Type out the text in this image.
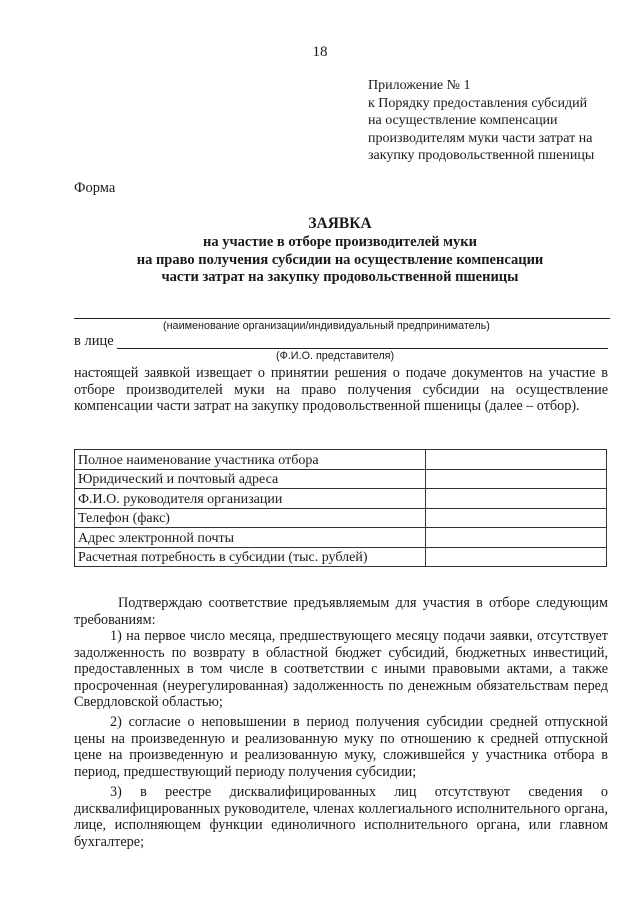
18
Приложение № 1
к Порядку предоставления субсидий
на осуществление компенсации
производителям муки части затрат на
закупку продовольственной пшеницы
Форма
ЗАЯВКА
на участие в отборе производителей муки
на право получения субсидии на осуществление компенсации
части затрат на закупку продовольственной пшеницы
(наименование организации/индивидуальный предприниматель)
в лице
(Ф.И.О. представителя)
настоящей заявкой извещает о принятии решения о подаче документов на участие в отборе производителей муки на право получения субсидии на осуществление компенсации части затрат на закупку продовольственной пшеницы (далее – отбор).
Полное наименование участника отбора	
Юридический и почтовый адреса	
Ф.И.О. руководителя организации	
Телефон (факс)	
Адрес электронной почты	
Расчетная потребность в субсидии (тыс. рублей)	
Подтверждаю соответствие предъявляемым для участия в отборе следующим требованиям:
1) на первое число месяца, предшествующего месяцу подачи заявки, отсутствует задолженность по возврату в областной бюджет субсидий, бюджетных инвестиций, предоставленных в том числе в соответствии с иными правовыми актами, а также просроченная (неурегулированная) задолженность по денежным обязательствам перед Свердловской областью;
2) согласие о неповышении в период получения субсидии средней отпускной цены на произведенную и реализованную муку по отношению к средней отпускной цене на произведенную и реализованную муку, сложившейся у участника отбора в период, предшествующий периоду получения субсидии;
3) в реестре дисквалифицированных лиц отсутствуют сведения о дисквалифицированных руководителе, членах коллегиального исполнительного органа, лице, исполняющем функции единоличного исполнительного органа, или главном бухгалтере;
